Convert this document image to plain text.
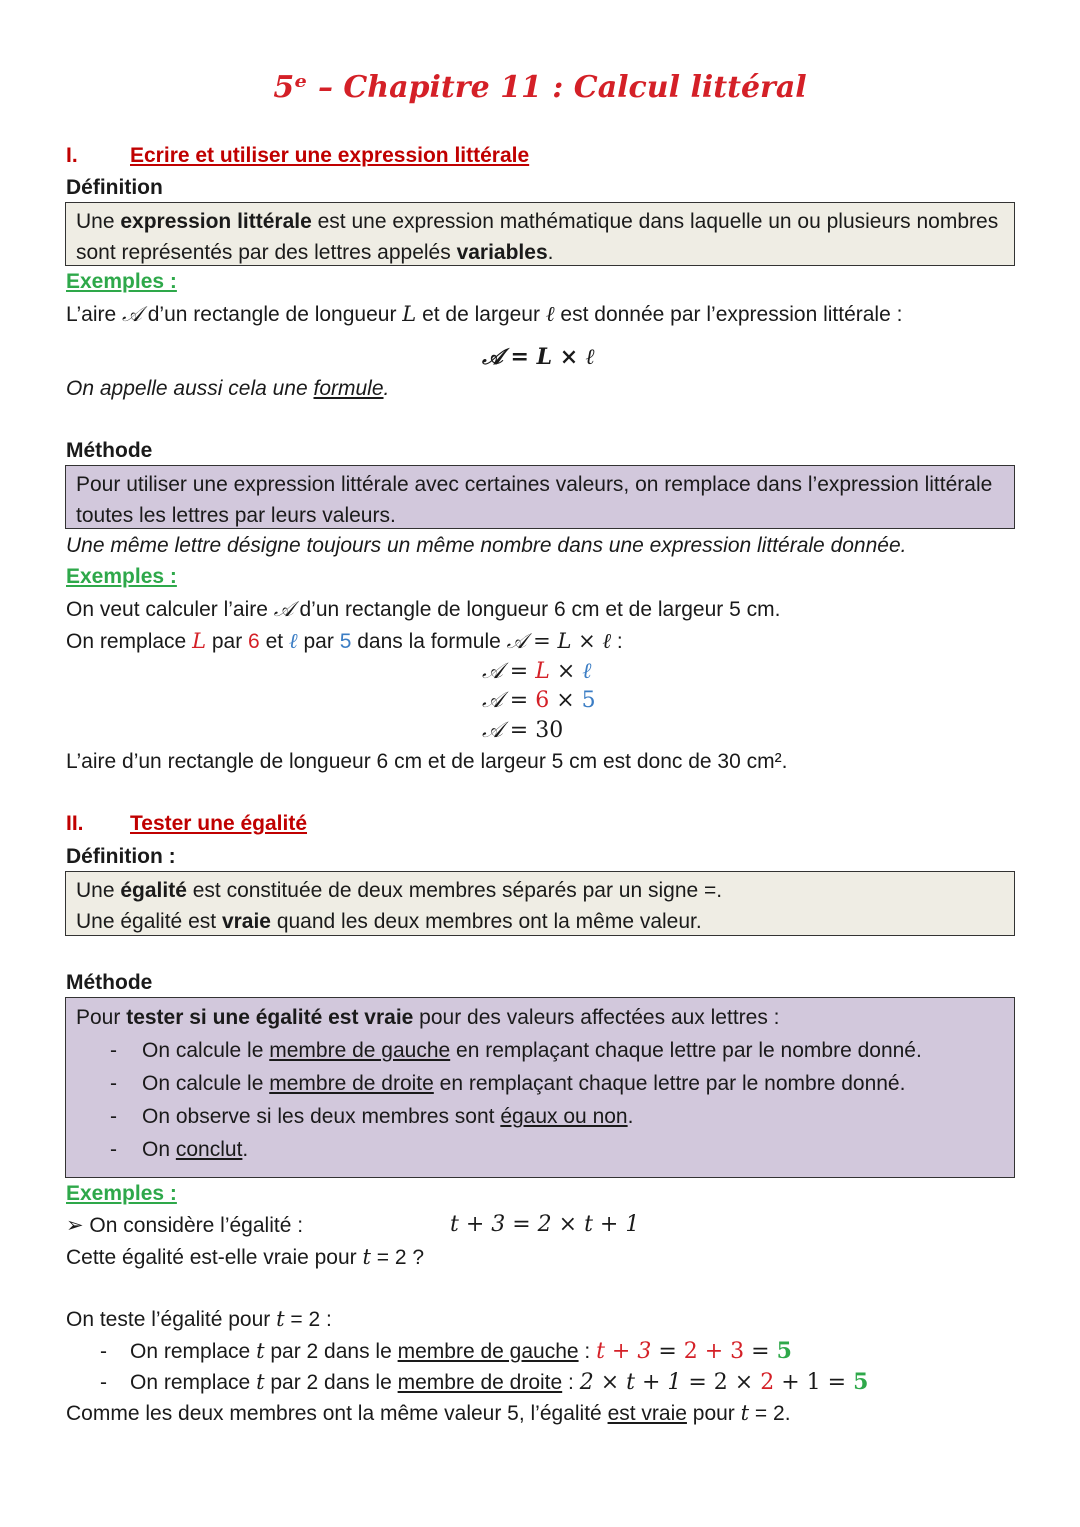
5ᵉ – Chapitre 11 : Calcul littéral
I. Ecrire et utiliser une expression littérale
Définition
Une expression littérale est une expression mathématique dans laquelle un ou plusieurs nombres sont représentés par des lettres appelés variables.
Exemples :
L’aire 𝒜 d’un rectangle de longueur L et de largeur ℓ est donnée par l’expression littérale :
𝒜 = L × ℓ
On appelle aussi cela une formule.
Méthode
Pour utiliser une expression littérale avec certaines valeurs, on remplace dans l’expression littérale toutes les lettres par leurs valeurs.
Une même lettre désigne toujours un même nombre dans une expression littérale donnée.
Exemples :
On veut calculer l’aire 𝒜 d’un rectangle de longueur 6 cm et de largeur 5 cm.
On remplace L par 6 et ℓ par 5 dans la formule 𝒜 = L × ℓ :
𝒜 = L × ℓ
𝒜 = 6 × 5
𝒜 = 30
L’aire d’un rectangle de longueur 6 cm et de largeur 5 cm est donc de 30 cm².
II. Tester une égalité
Définition :
Une égalité est constituée de deux membres séparés par un signe =.
Une égalité est vraie quand les deux membres ont la même valeur.
Méthode
Pour tester si une égalité est vraie pour des valeurs affectées aux lettres :
- On calcule le membre de gauche en remplaçant chaque lettre par le nombre donné.
- On calcule le membre de droite en remplaçant chaque lettre par le nombre donné.
- On observe si les deux membres sont égaux ou non.
- On conclut.
Exemples :
➢ On considère l’égalité :	t + 3 = 2 × t + 1
Cette égalité est-elle vraie pour t = 2 ?
On teste l’égalité pour t = 2 :
- On remplace t par 2 dans le membre de gauche : t + 3 = 2 + 3 = 5
- On remplace t par 2 dans le membre de droite : 2 × t + 1 = 2 × 2 + 1 = 5
Comme les deux membres ont la même valeur 5, l’égalité est vraie pour t = 2.
